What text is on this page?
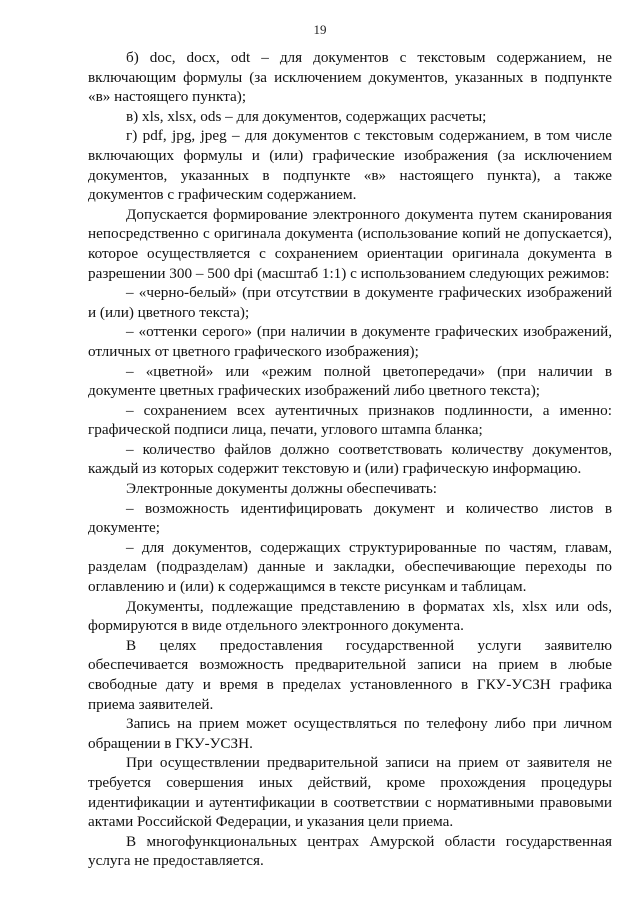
19

б) doc, docx, odt – для документов с текстовым содержанием, не включающим формулы (за исключением документов, указанных в подпункте «в» настоящего пункта);

в) xls, xlsx, ods – для документов, содержащих расчеты;

г) pdf, jpg, jpeg – для документов с текстовым содержанием, в том числе включающих формулы и (или) графические изображения (за исключением документов, указанных в подпункте «в» настоящего пункта), а также документов с графическим содержанием.

Допускается формирование электронного документа путем сканирования непосредственно с оригинала документа (использование копий не допускается), которое осуществляется с сохранением ориентации оригинала документа в разрешении 300 – 500 dpi (масштаб 1:1) с использованием следующих режимов:

– «черно-белый» (при отсутствии в документе графических изображений и (или) цветного текста);

– «оттенки серого» (при наличии в документе графических изображений, отличных от цветного графического изображения);

– «цветной» или «режим полной цветопередачи» (при наличии в документе цветных графических изображений либо цветного текста);

– сохранением всех аутентичных признаков подлинности, а именно: графической подписи лица, печати, углового штампа бланка;

– количество файлов должно соответствовать количеству документов, каждый из которых содержит текстовую и (или) графическую информацию.

Электронные документы должны обеспечивать:

– возможность идентифицировать документ и количество листов в документе;

– для документов, содержащих структурированные по частям, главам, разделам (подразделам) данные и закладки, обеспечивающие переходы по оглавлению и (или) к содержащимся в тексте рисункам и таблицам.

Документы, подлежащие представлению в форматах xls, xlsx или ods, формируются в виде отдельного электронного документа.

В целях предоставления государственной услуги заявителю обеспечивается возможность предварительной записи на прием в любые свободные дату и время в пределах установленного в ГКУ-УСЗН графика приема заявителей.

Запись на прием может осуществляться по телефону либо при личном обращении в ГКУ-УСЗН.

При осуществлении предварительной записи на прием от заявителя не требуется совершения иных действий, кроме прохождения процедуры идентификации и аутентификации в соответствии с нормативными правовыми актами Российской Федерации, и указания цели приема.

В многофункциональных центрах Амурской области государственная услуга не предоставляется.
